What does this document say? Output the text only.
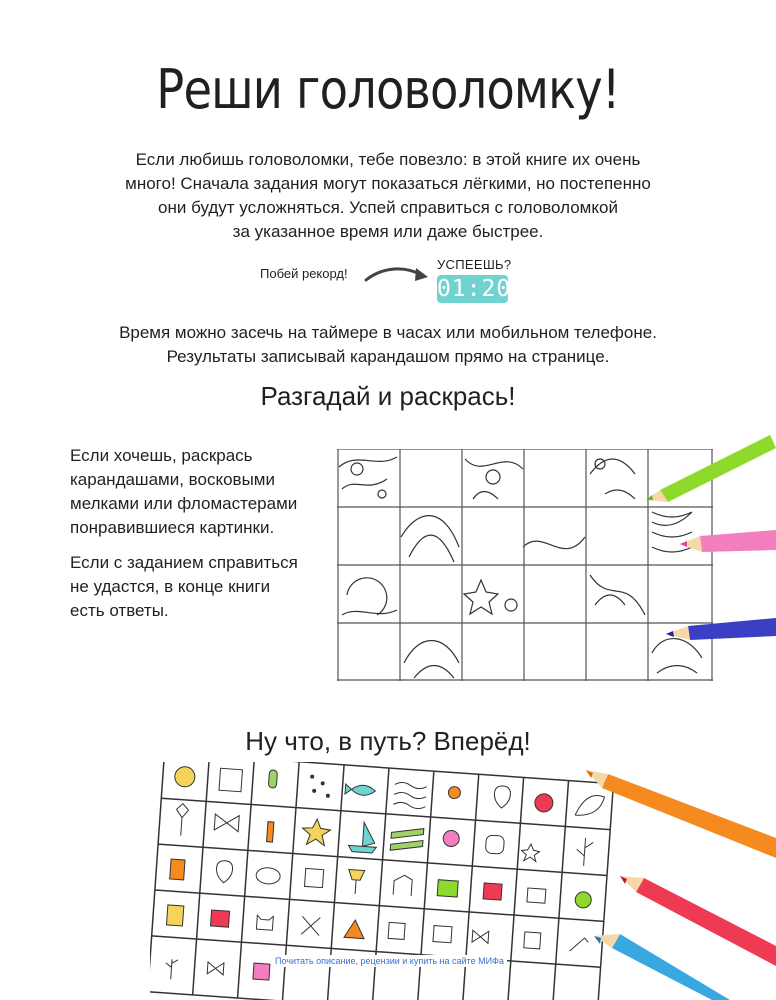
Реши головоломку!
Если любишь головоломки, тебе повезло: в этой книге их очень
много! Сначала задания могут показаться лёгкими, но постепенно
они будут усложняться. Успей справиться с головоломкой
за указанное время или даже быстрее.
Побей рекорд!
УСПЕЕШЬ?
01:20
Время можно засечь на таймере в часах или мобильном телефоне.
Результаты записывай карандашом прямо на странице.
Разгадай и раскрась!

Если хочешь, раскрась
карандашами, восковыми
мелками или фломастерами
понравившиеся картинки.

Если с заданием справиться
не удастся, в конце книги
есть ответы.

Ну что, в путь? Вперёд!
Почитать описание, рецензии и купить на сайте МИФа
